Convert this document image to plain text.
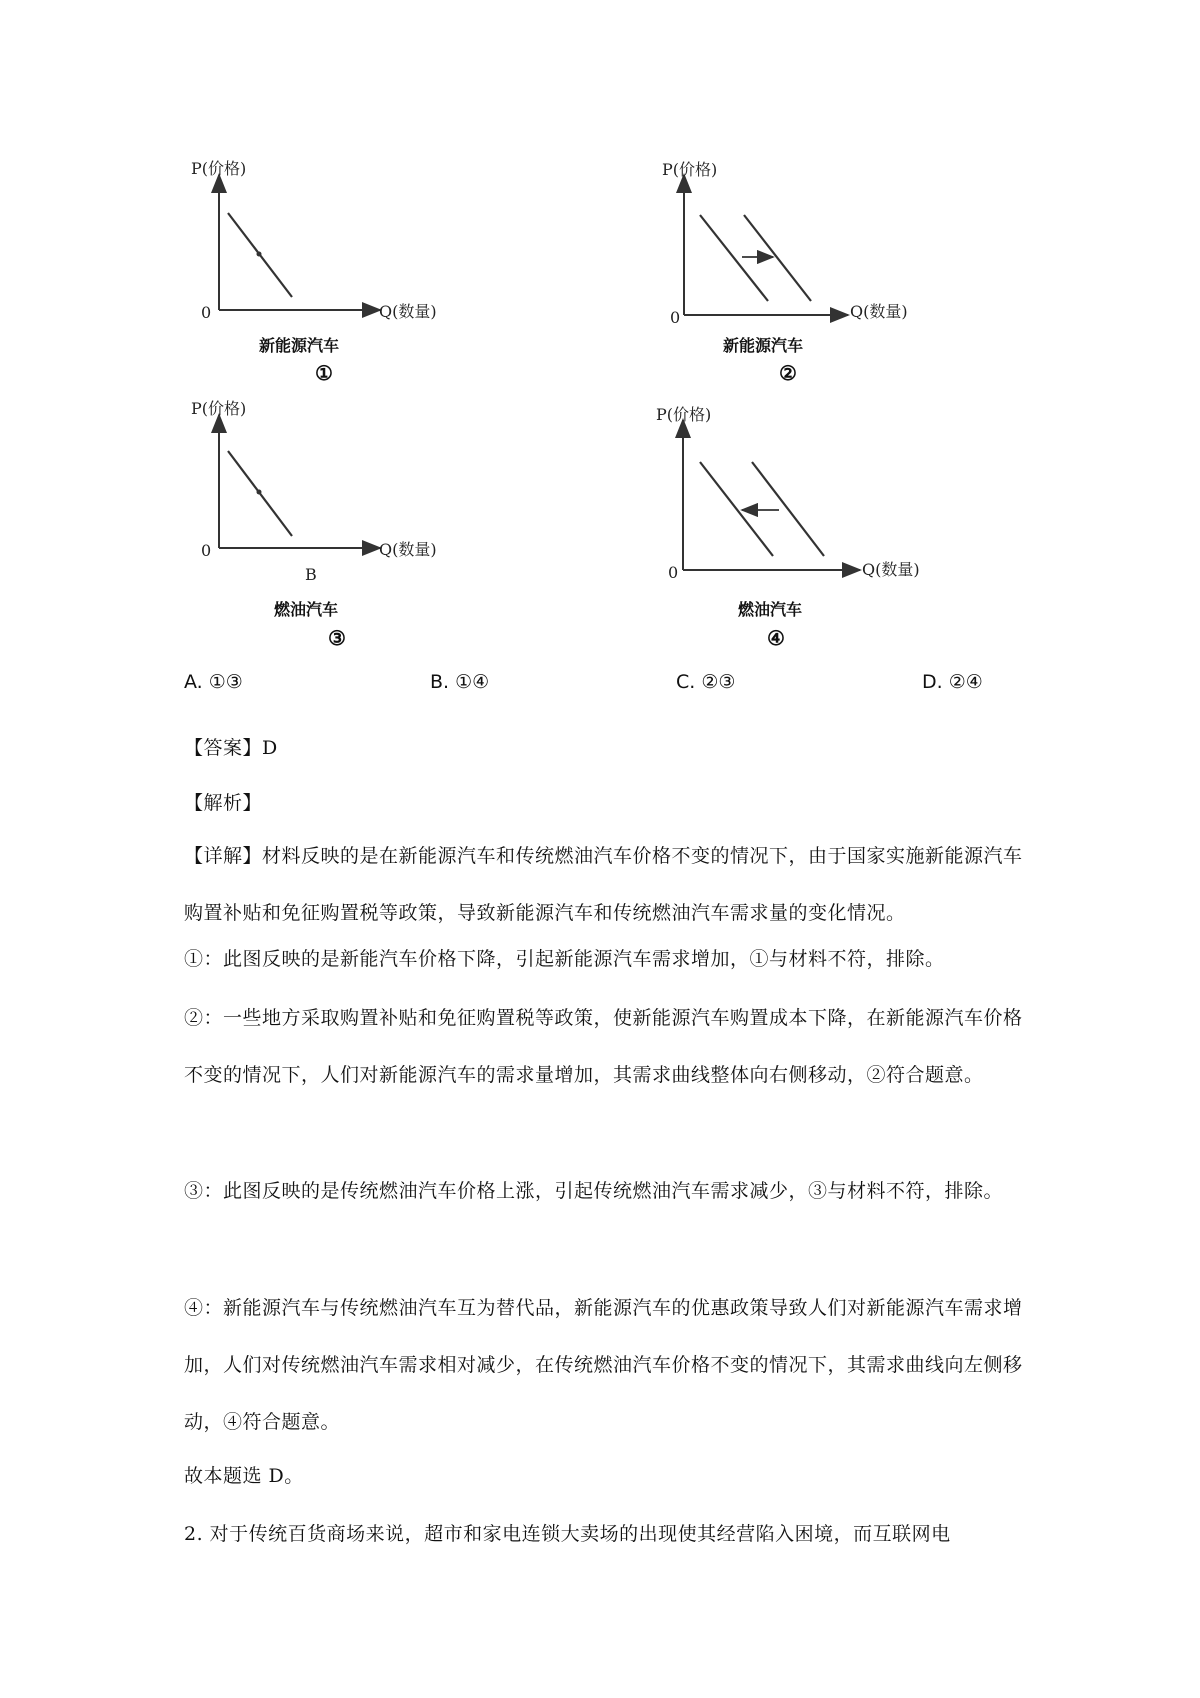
P(价格)
0	Q(数量)
新能源汽车
①
P(价格)
0	Q(数量)
新能源汽车
②
P(价格)
0	Q(数量)
B
燃油汽车
③
P(价格)
0	Q(数量)
燃油汽车
④
A. ①③	B. ①④	C. ②③	D. ②④
【答案】D
【解析】
【详解】材料反映的是在新能源汽车和传统燃油汽车价格不变的情况下，由于国家实施新能源汽车购置补贴和免征购置税等政策，导致新能源汽车和传统燃油汽车需求量的变化情况。
①：此图反映的是新能汽车价格下降，引起新能源汽车需求增加，①与材料不符，排除。
②：一些地方采取购置补贴和免征购置税等政策，使新能源汽车购置成本下降，在新能源汽车价格不变的情况下，人们对新能源汽车的需求量增加，其需求曲线整体向右侧移动，②符合题意。
③：此图反映的是传统燃油汽车价格上涨，引起传统燃油汽车需求减少，③与材料不符，排除。
④：新能源汽车与传统燃油汽车互为替代品，新能源汽车的优惠政策导致人们对新能源汽车需求增加，人们对传统燃油汽车需求相对减少，在传统燃油汽车价格不变的情况下，其需求曲线向左侧移动，④符合题意。
故本题选 D。
2. 对于传统百货商场来说，超市和家电连锁大卖场的出现使其经营陷入困境，而互联网电
